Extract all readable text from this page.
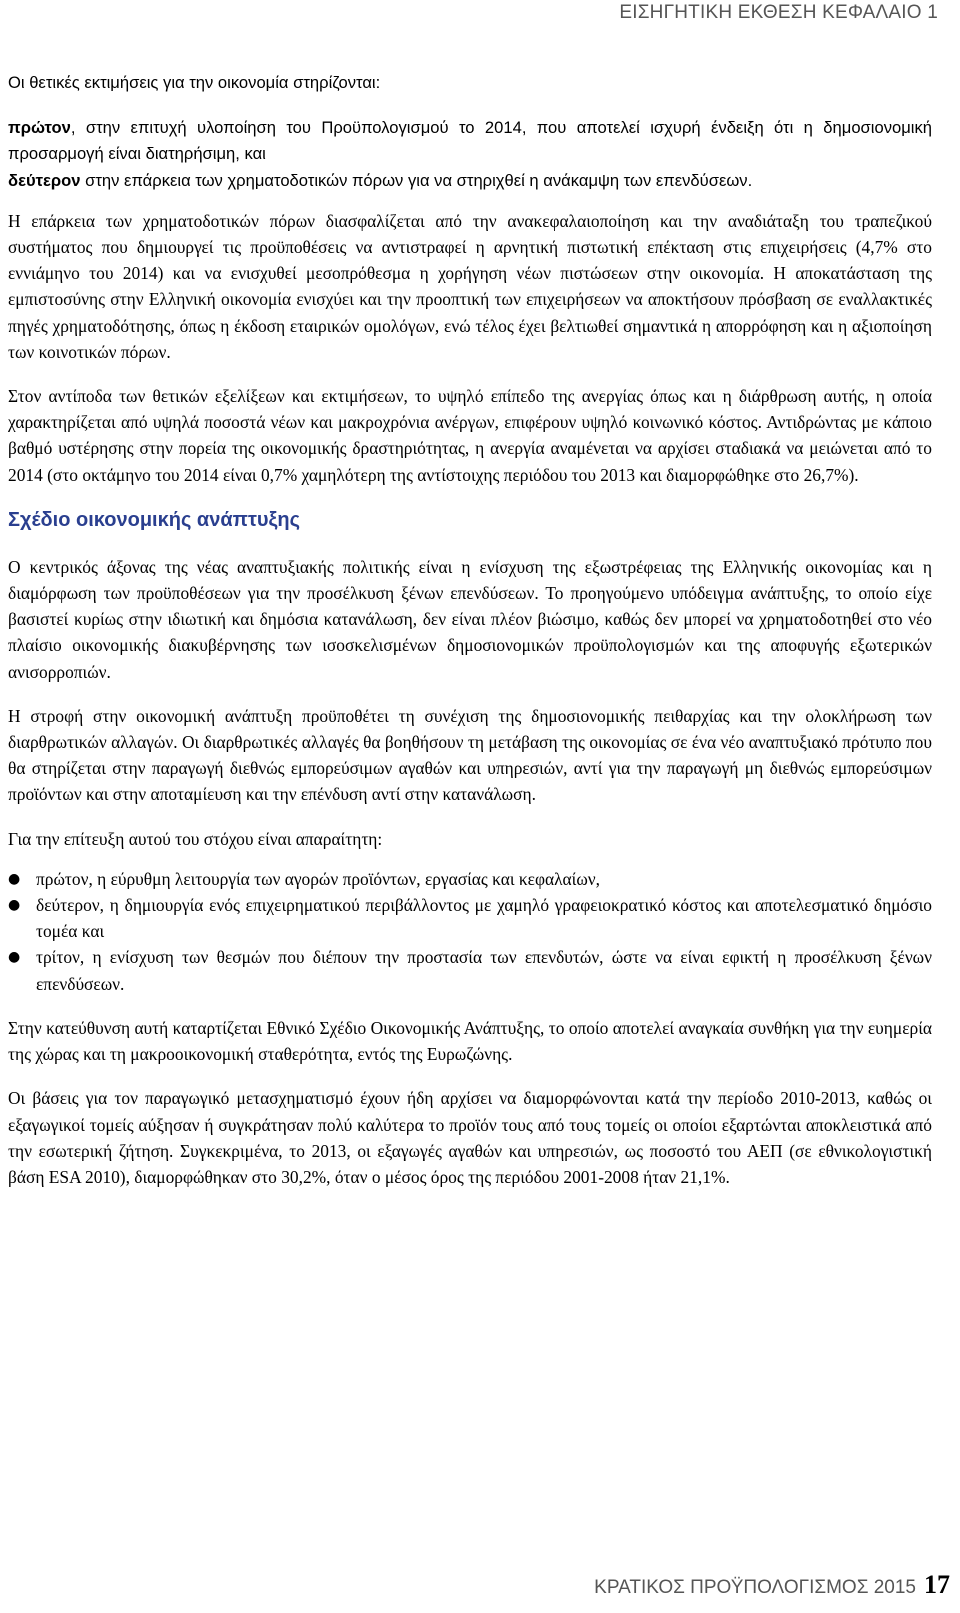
ΕΙΣΗΓΗΤΙΚΗ ΕΚΘΕΣΗ ΚΕΦΑΛΑΙΟ 1

Οι θετικές εκτιμήσεις για την οικονομία στηρίζονται:

πρώτον, στην επιτυχή υλοποίηση του Προϋπολογισμού το 2014, που αποτελεί ισχυρή ένδειξη ότι η δημοσιονομική προσαρμογή είναι διατηρήσιμη, και

δεύτερον στην επάρκεια των χρηματοδοτικών πόρων για να στηριχθεί η ανάκαμψη των επενδύσεων.

Η επάρκεια των χρηματοδοτικών πόρων διασφαλίζεται από την ανακεφαλαιοποίηση και την αναδιάταξη του τραπεζικού συστήματος που δημιουργεί τις προϋποθέσεις να αντιστραφεί η αρνητική πιστωτική επέκταση στις επιχειρήσεις (4,7% στο εννιάμηνο του 2014) και να ενισχυθεί μεσοπρόθεσμα η χορήγηση νέων πιστώσεων στην οικονομία. Η αποκατάσταση της εμπιστοσύνης στην Ελληνική οικονομία ενισχύει και την προοπτική των επιχειρήσεων να αποκτήσουν πρόσβαση σε εναλλακτικές πηγές χρηματοδότησης, όπως η έκδοση εταιρικών ομολόγων, ενώ τέλος έχει βελτιωθεί σημαντικά η απορρόφηση και η αξιοποίηση των κοινοτικών πόρων.

Στον αντίποδα των θετικών εξελίξεων και εκτιμήσεων, το υψηλό επίπεδο της ανεργίας όπως και η διάρθρωση αυτής, η οποία χαρακτηρίζεται από υψηλά ποσοστά νέων και μακροχρόνια ανέργων, επιφέρουν υψηλό κοινωνικό κόστος. Αντιδρώντας με κάποιο βαθμό υστέρησης στην πορεία της οικονομικής δραστηριότητας, η ανεργία αναμένεται να αρχίσει σταδιακά να μειώνεται από το 2014 (στο οκτάμηνο του 2014 είναι 0,7% χαμηλότερη της αντίστοιχης περιόδου του 2013 και διαμορφώθηκε στο 26,7%).

Σχέδιο οικονομικής ανάπτυξης

Ο κεντρικός άξονας της νέας αναπτυξιακής πολιτικής είναι η ενίσχυση της εξωστρέφειας της Ελληνικής οικονομίας και η διαμόρφωση των προϋποθέσεων για την προσέλκυση ξένων επενδύσεων. Το προηγούμενο υπόδειγμα ανάπτυξης, το οποίο είχε βασιστεί κυρίως στην ιδιωτική και δημόσια κατανάλωση, δεν είναι πλέον βιώσιμο, καθώς δεν μπορεί να χρηματοδοτηθεί στο νέο πλαίσιο οικονομικής διακυβέρνησης των ισοσκελισμένων δημοσιονομικών προϋπολογισμών και της αποφυγής εξωτερικών ανισορροπιών.

Η στροφή στην οικονομική ανάπτυξη προϋποθέτει τη συνέχιση της δημοσιονομικής πειθαρχίας και την ολοκλήρωση των διαρθρωτικών αλλαγών. Οι διαρθρωτικές αλλαγές θα βοηθήσουν τη μετάβαση της οικονομίας σε ένα νέο αναπτυξιακό πρότυπο που θα στηρίζεται στην παραγωγή διεθνώς εμπορεύσιμων αγαθών και υπηρεσιών, αντί για την παραγωγή μη διεθνώς εμπορεύσιμων προϊόντων και στην αποταμίευση και την επένδυση αντί στην κατανάλωση.

Για την επίτευξη αυτού του στόχου είναι απαραίτητη:

● πρώτον, η εύρυθμη λειτουργία των αγορών προϊόντων, εργασίας και κεφαλαίων,
● δεύτερον, η δημιουργία ενός επιχειρηματικού περιβάλλοντος με χαμηλό γραφειοκρατικό κόστος και αποτελεσματικό δημόσιο τομέα και
● τρίτον, η ενίσχυση των θεσμών που διέπουν την προστασία των επενδυτών, ώστε να είναι εφικτή η προσέλκυση ξένων επενδύσεων.

Στην κατεύθυνση αυτή καταρτίζεται Εθνικό Σχέδιο Οικονομικής Ανάπτυξης, το οποίο αποτελεί αναγκαία συνθήκη για την ευημερία της χώρας και τη μακροοικονομική σταθερότητα, εντός της Ευρωζώνης.

Οι βάσεις για τον παραγωγικό μετασχηματισμό έχουν ήδη αρχίσει να διαμορφώνονται κατά την περίοδο 2010-2013, καθώς οι εξαγωγικοί τομείς αύξησαν ή συγκράτησαν πολύ καλύτερα το προϊόν τους από τους τομείς οι οποίοι εξαρτώνται αποκλειστικά από την εσωτερική ζήτηση. Συγκεκριμένα, το 2013, οι εξαγωγές αγαθών και υπηρεσιών, ως ποσοστό του ΑΕΠ (σε εθνικολογιστική βάση ESA 2010), διαμορφώθηκαν στο 30,2%, όταν ο μέσος όρος της περιόδου 2001-2008 ήταν 21,1%.

ΚΡΑΤΙΚΟΣ ΠΡΟΫΠΟΛΟΓΙΣΜΟΣ 2015 17
